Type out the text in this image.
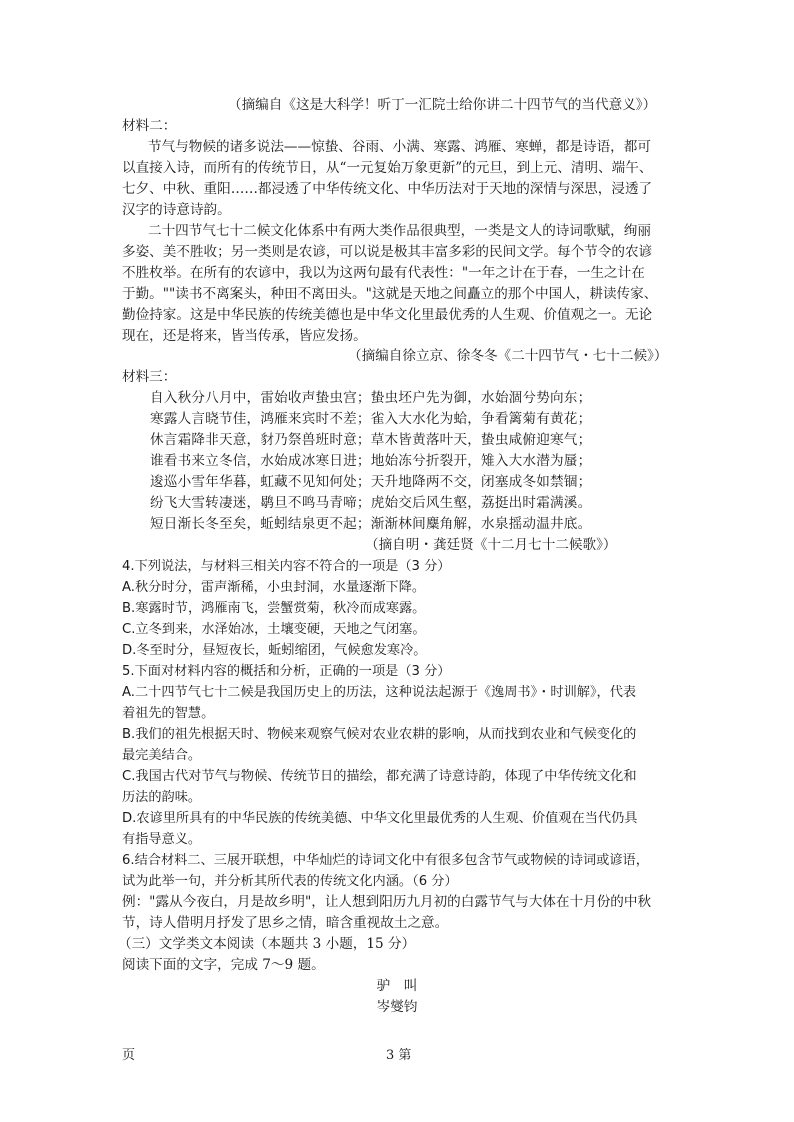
（摘编自《这是大科学！听丁一汇院士给你讲二十四节气的当代意义》）
材料二：
节气与物候的诸多说法——惊蛰、谷雨、小满、寒露、鸿雁、寒蝉，都是诗语，都可
以直接入诗，而所有的传统节日，从“一元复始万象更新”的元旦，到上元、清明、端午、
七夕、中秋、重阳……都浸透了中华传统文化、中华历法对于天地的深情与深思，浸透了
汉字的诗意诗韵。
二十四节气七十二候文化体系中有两大类作品很典型，一类是文人的诗词歌赋，绚丽
多姿、美不胜收；另一类则是农谚，可以说是极其丰富多彩的民间文学。每个节令的农谚
不胜枚举。在所有的农谚中，我以为这两句最有代表性："一年之计在于春，一生之计在
于勤。""读书不离案头，种田不离田头。"这就是天地之间矗立的那个中国人，耕读传家、
勤俭持家。这是中华民族的传统美德也是中华文化里最优秀的人生观、价值观之一。无论
现在，还是将来，皆当传承，皆应发扬。
（摘编自徐立京、徐冬冬《二十四节气・七十二候》）
材料三：
自入秋分八月中，雷始收声蛰虫宫；蛰虫坯户先为御，水始涸兮势向东；
寒露人言晓节佳，鸿雁来宾时不差；雀入大水化为蛤，争看篱菊有黄花；
休言霜降非天意，豺乃祭兽班时意；草木皆黄落叶天，蛰虫咸俯迎寒气；
谁看书来立冬信，水始成冰寒日进；地始冻兮折裂开，雉入大水潜为蜃；
逡巡小雪年华暮，虹藏不见知何处；天升地降两不交，闭塞成冬如禁锢；
纷飞大雪转凄迷，鹖旦不鸣马青啼；虎始交后风生壑，荔挺出时霜满溪。
短日渐长冬至矣，蚯蚓结泉更不起；渐渐林间麋角解，水泉摇动温井底。
（摘自明・龚廷贤《十二月七十二候歌》）
4.下列说法，与材料三相关内容不符合的一项是（3 分）
A.秋分时分，雷声渐稀，小虫封洞，水量逐渐下降。
B.寒露时节，鸿雁南飞，尝蟹赏菊，秋冷而成寒露。
C.立冬到来，水泽始冰，土壤变硬，天地之气闭塞。
D.冬至时分，昼短夜长，蚯蚓缩团，气候愈发寒冷。
5.下面对材料内容的概括和分析，正确的一项是（3 分）
A.二十四节气七十二候是我国历史上的历法，这种说法起源于《逸周书》・时训解》，代表
着祖先的智慧。
B.我们的祖先根据天时、物候来观察气候对农业农耕的影响，从而找到农业和气候变化的
最完美结合。
C.我国古代对节气与物候、传统节日的描绘，都充满了诗意诗韵，体现了中华传统文化和
历法的韵味。
D.农谚里所具有的中华民族的传统美德、中华文化里最优秀的人生观、价值观在当代仍具
有指导意义。
6.结合材料二、三展开联想，中华灿烂的诗词文化中有很多包含节气或物候的诗词或谚语，
试为此举一句，并分析其所代表的传统文化内涵。（6 分）
例："露从今夜白，月是故乡明"，让人想到阳历九月初的白露节气与大体在十月份的中秋
节，诗人借明月抒发了思乡之情，暗含重视故土之意。
（三）文学类文本阅读（本题共 3 小题，15 分）
阅读下面的文字，完成 7～9 题。
驴　叫
岑燮钧
页	3 第
